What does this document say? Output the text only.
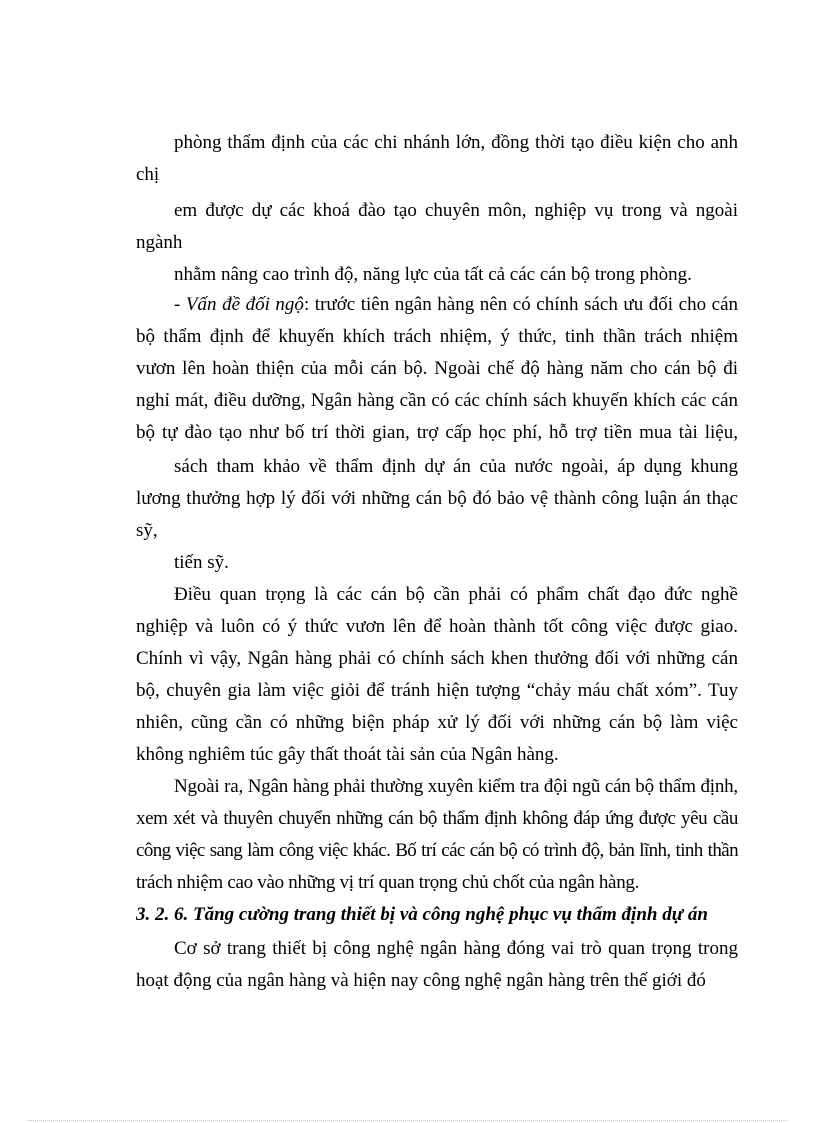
phòng thẩm định của các chi nhánh lớn, đồng thời tạo điều kiện cho anh

chị

em được dự các khoá đào tạo chuyên môn, nghiệp vụ trong và ngoài

ngành

nhằm nâng cao trình độ, năng lực của tất cả các cán bộ trong phòng.

- Vấn đề đối ngộ: trước tiên ngân hàng nên có chính sách ưu đối cho cán

bộ thẩm định để khuyến khích trách nhiệm, ý thức, tinh thần trách nhiệm

vươn lên hoàn thiện của mỗi cán bộ. Ngoài chế độ hàng năm cho cán bộ đi

nghỉ mát, điều dưỡng, Ngân hàng cần có các chính sách khuyến khích các cán

bộ tự đào tạo như bố trí thời gian, trợ cấp học phí, hỗ trợ tiền mua tài liệu,

sách tham khảo về thẩm định dự án của nước ngoài, áp dụng khung

lương thưởng hợp lý đối với những cán bộ đó bảo vệ thành công luận án thạc

sỹ,

tiến sỹ.

Điều quan trọng là các cán bộ cần phải có phẩm chất đạo đức nghề

nghiệp và luôn có ý thức vươn lên để hoàn thành tốt công việc được giao.

Chính vì vậy, Ngân hàng phải có chính sách khen thưởng đối với những cán

bộ, chuyên gia làm việc giỏi để tránh hiện tượng “chảy máu chất xóm”. Tuy

nhiên, cũng cần có những biện pháp xử lý đối với những cán bộ làm việc

không nghiêm túc gây thất thoát tài sản của Ngân hàng.

Ngoài ra, Ngân hàng phải thường xuyên kiểm tra đội ngũ cán bộ thẩm định,

xem xét và thuyên chuyển những cán bộ thẩm định không đáp ứng được yêu cầu

công việc sang làm công việc khác. Bố trí các cán bộ có trình độ, bản lĩnh, tinh thần

trách nhiệm cao vào những vị trí quan trọng chủ chốt của ngân hàng.

3. 2. 6. Tăng cường trang thiết bị và công nghệ phục vụ thẩm định dự án

Cơ sở trang thiết bị công nghệ ngân hàng đóng vai trò quan trọng trong

hoạt động của ngân hàng và hiện nay công nghệ ngân hàng trên thế giới đó
